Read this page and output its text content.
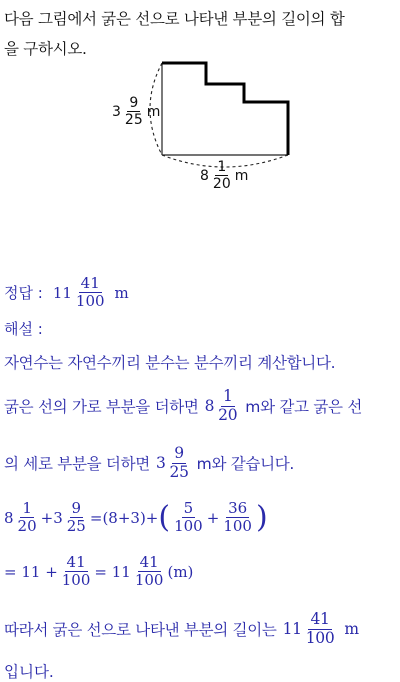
다음 그림에서 굵은 선으로 나타낸 부분의 길이의 합
을 구하시오.
$3 \frac{9}{25}$ m
$8 \frac{1}{20}$ m
정답 : $11 \frac{41}{100}$ m
해설 :
자연수는 자연수끼리 분수는 분수끼리 계산합니다.
굵은 선의 가로 부분을 더하면 $8 \frac{1}{20}$ m와 같고 굵은 선
의 세로 부분을 더하면 $3 \frac{9}{25}$ m와 같습니다.
$8 \frac{1}{20} + 3 \frac{9}{25} = (8+3)$ + ( $\frac{5}{100} + \frac{36}{100}$ )
= $11 + \frac{41}{100} = 11 \frac{41}{100} (m)$
따라서 굵은 선으로 나타낸 부분의 길이는 $11 \frac{41}{100}$ m
입니다.
